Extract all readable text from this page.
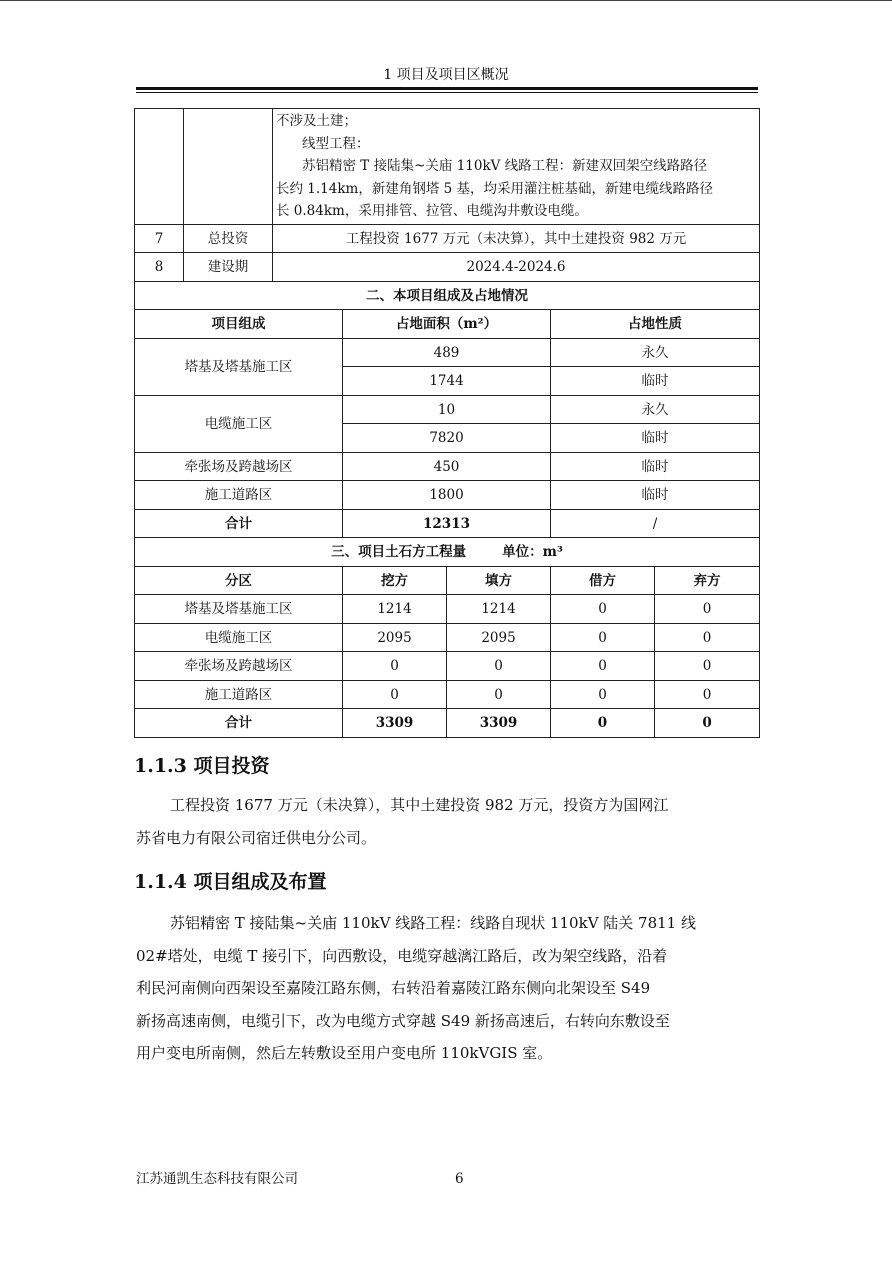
1 项目及项目区概况

		不涉及土建；
线型工程：
苏铝精密 T 接陆集~关庙 110kV 线路工程：新建双回架空线路路径
长约 1.14km，新建角钢塔 5 基，均采用灌注桩基础，新建电缆线路路径
长 0.84km，采用排管、拉管、电缆沟井敷设电缆。				

7	总投资	工程投资 1677 万元（未决算），其中土建投资 982 万元				
8	建设期	2024.4-2024.6				
二、本项目组成及占地情况						
项目组成			占地面积（m²）		占地性质	
塔基及塔基施工区			489		永久	
			1744		临时	
电缆施工区			10		永久	
			7820		临时	
牵张场及跨越场区			450		临时	
施工道路区			1800		临时	
合计			12313		/	
三、项目土石方工程量 单位：m³						
分区			挖方	填方	借方	弃方
塔基及塔基施工区			1214	1214	0	0
电缆施工区			2095	2095	0	0
牵张场及跨越场区			0	0	0	0
施工道路区			0	0	0	0
合计			3309	3309	0	0
1.1.3 项目投资
工程投资 1677 万元（未决算），其中土建投资 982 万元，投资方为国网江
苏省电力有限公司宿迁供电分公司。
1.1.4 项目组成及布置
苏铝精密 T 接陆集~关庙 110kV 线路工程：线路自现状 110kV 陆关 7811 线
02#塔处，电缆 T 接引下，向西敷设，电缆穿越漓江路后，改为架空线路，沿着
利民河南侧向西架设至嘉陵江路东侧，右转沿着嘉陵江路东侧向北架设至 S49
新扬高速南侧，电缆引下，改为电缆方式穿越 S49 新扬高速后，右转向东敷设至
用户变电所南侧，然后左转敷设至用户变电所 110kVGIS 室。
江苏通凯生态科技有限公司	6
